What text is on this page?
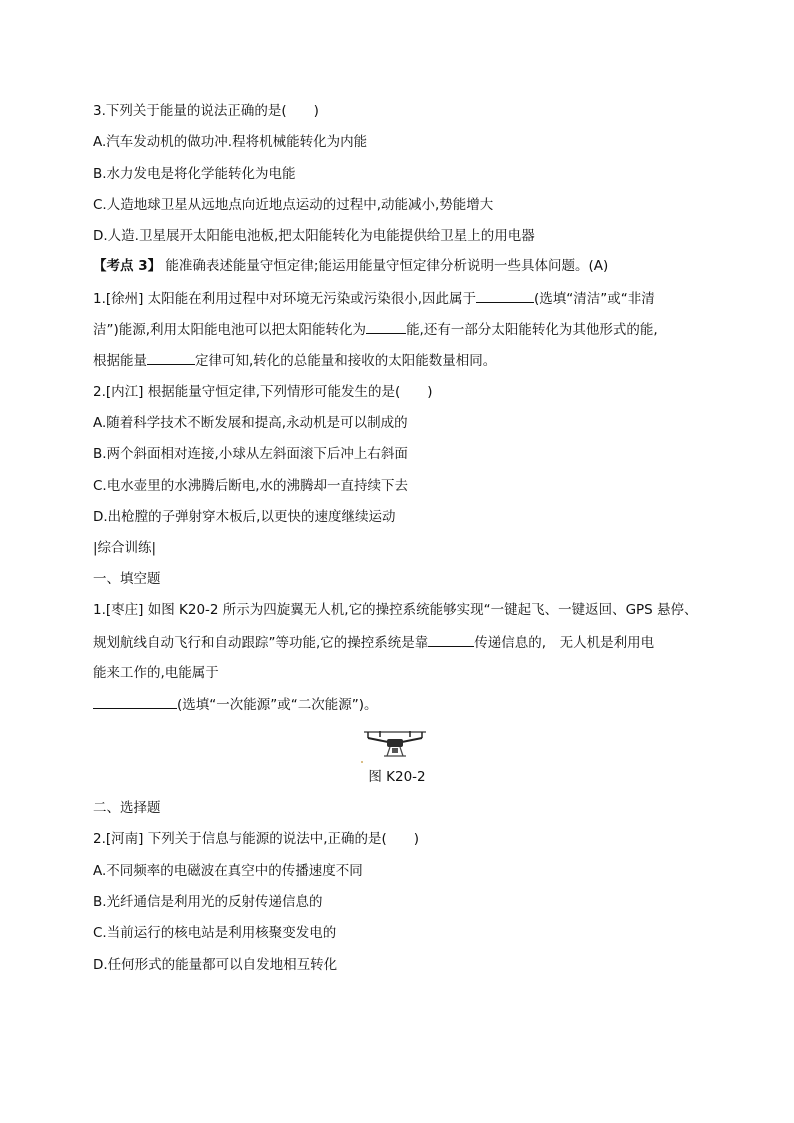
3.下列关于能量的说法正确的是(　　)
A.汽车发动机的做功冲.程将机械能转化为内能
B.水力发电是将化学能转化为电能
C.人造地球卫星从远地点向近地点运动的过程中,动能减小,势能增大
D.人造.卫星展开太阳能电池板,把太阳能转化为电能提供给卫星上的用电器
【考点 3】 能准确表述能量守恒定律;能运用能量守恒定律分析说明一些具体问题。(A)
1.[徐州] 太阳能在利用过程中对环境无污染或污染很小,因此属于	(选填“清洁”或“非清
洁”)能源,利用太阳能电池可以把太阳能转化为	能,还有一部分太阳能转化为其他形式的能,
根据能量	定律可知,转化的总能量和接收的太阳能数量相同。
2.[内江] 根据能量守恒定律,下列情形可能发生的是(　　)
A.随着科学技术不断发展和提高,永动机是可以制成的
B.两个斜面相对连接,小球从左斜面滚下后冲上右斜面
C.电水壶里的水沸腾后断电,水的沸腾却一直持续下去
D.出枪膛的子弹射穿木板后,以更快的速度继续运动
|综合训练|
一、填空题
1.[枣庄] 如图 K20-2 所示为四旋翼无人机,它的操控系统能够实现“一键起飞、一键返回、GPS 悬停、
规划航线自动飞行和自动跟踪”等功能,它的操控系统是靠	传递信息的,　无人机是利用电
能来工作的,电能属于
(选填“一次能源”或“二次能源”)。
图 K20-2
二、选择题
2.[河南] 下列关于信息与能源的说法中,正确的是(　　)
A.不同频率的电磁波在真空中的传播速度不同
B.光纤通信是利用光的反射传递信息的
C.当前运行的核电站是利用核聚变发电的
D.任何形式的能量都可以自发地相互转化
